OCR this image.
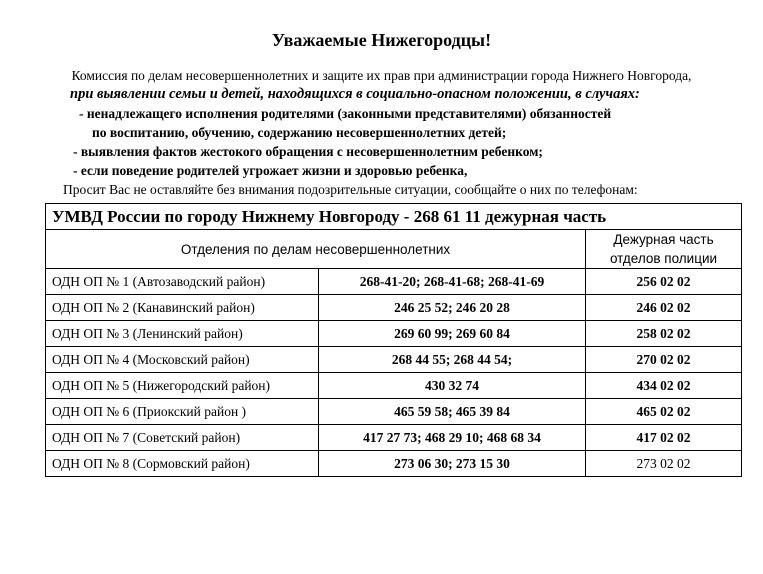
Уважаемые Нижегородцы!
Комиссия по делам несовершеннолетних и защите их прав при администрации города Нижнего Новгорода,
при выявлении семьи и детей, находящихся в социально-опасном положении, в случаях:
- ненадлежащего исполнения родителями (законными представителями) обязанностей
по воспитанию, обучению, содержанию несовершеннолетних детей;
- выявления фактов жестокого обращения с несовершеннолетним ребенком;
- если поведение родителей угрожает жизни и здоровью ребенка,
Просит Вас не оставляйте без внимания подозрительные ситуации, сообщайте о них по телефонам:
УМВД России по городу Нижнему Новгороду - 268 61 11 дежурная часть		
Отделения по делам несовершеннолетних		Дежурная часть
отделов полиции

ОДН ОП № 1 (Автозаводский район)	268-41-20; 268-41-68; 268-41-69	256 02 02
ОДН ОП № 2 (Канавинский район)	246 25 52; 246 20 28	246 02 02
ОДН ОП № 3 (Ленинский район)	269 60 99; 269 60 84	258 02 02
ОДН ОП № 4 (Московский район)	268 44 55; 268 44 54;	270 02 02
ОДН ОП № 5 (Нижегородский район)	430 32 74	434 02 02
ОДН ОП № 6 (Приокский район )	465 59 58; 465 39 84	465 02 02
ОДН ОП № 7 (Советский район)	417 27 73; 468 29 10; 468 68 34	417 02 02
ОДН ОП № 8 (Сормовский район)	273 06 30; 273 15 30	273 02 02
